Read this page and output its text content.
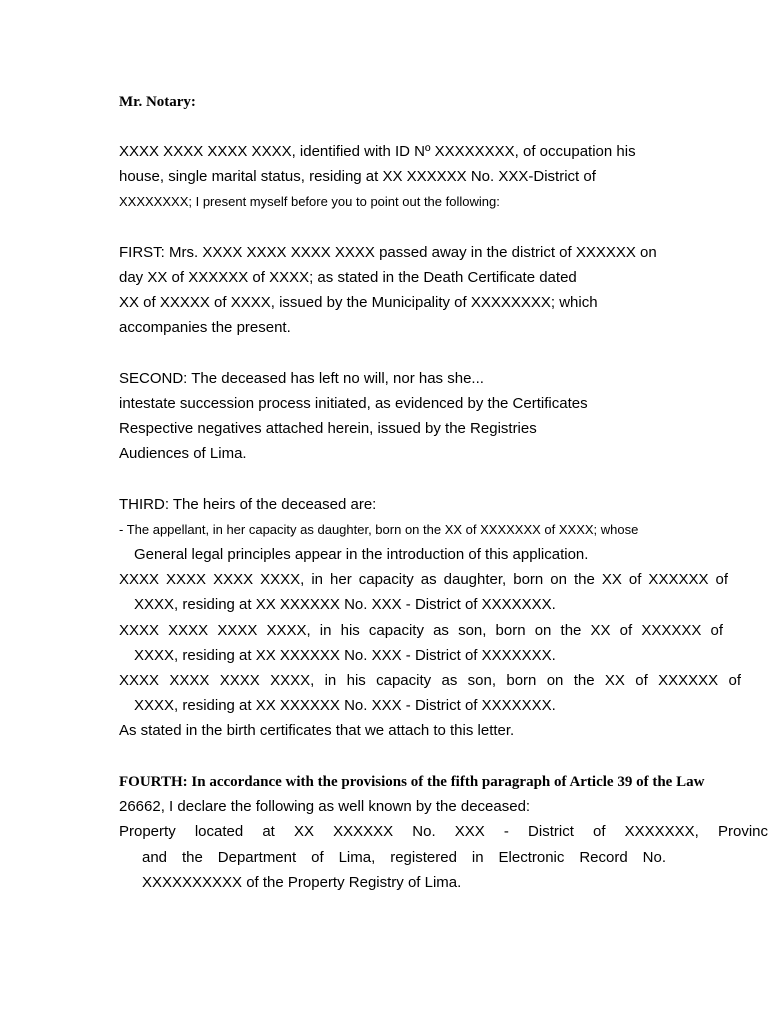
Mr. Notary:
XXXX XXXX XXXX XXXX, identified with ID Nº XXXXXXXX, of occupation his
house, single marital status, residing at XX XXXXXX No. XXX-District of
XXXXXXXX; I present myself before you to point out the following:
FIRST: Mrs. XXXX XXXX XXXX XXXX passed away in the district of XXXXXX on
day XX of XXXXXX of XXXX; as stated in the Death Certificate dated
XX of XXXXX of XXXX, issued by the Municipality of XXXXXXXX; which
accompanies the present.
SECOND: The deceased has left no will, nor has she...
intestate succession process initiated, as evidenced by the Certificates
Respective negatives attached herein, issued by the Registries
Audiences of Lima.
THIRD: The heirs of the deceased are:
- The appellant, in her capacity as daughter, born on the XX of XXXXXXX of XXXX; whose
General legal principles appear in the introduction of this application.
XXXX XXXX XXXX XXXX, in her capacity as daughter, born on the XX of XXXXXX of
XXXX, residing at XX XXXXXX No. XXX - District of XXXXXXX.
XXXX XXXX XXXX XXXX, in his capacity as son, born on the XX of XXXXXX of
XXXX, residing at XX XXXXXX No. XXX - District of XXXXXXX.
XXXX XXXX XXXX XXXX, in his capacity as son, born on the XX of XXXXXX of
XXXX, residing at XX XXXXXX No. XXX - District of XXXXXXX.
As stated in the birth certificates that we attach to this letter.
FOURTH: In accordance with the provisions of the fifth paragraph of Article 39 of the Law
26662, I declare the following as well known by the deceased:
Property located at XX XXXXXX No. XXX - District of XXXXXXX, Provinc
and the Department of Lima, registered in Electronic Record No.
XXXXXXXXXX of the Property Registry of Lima.
